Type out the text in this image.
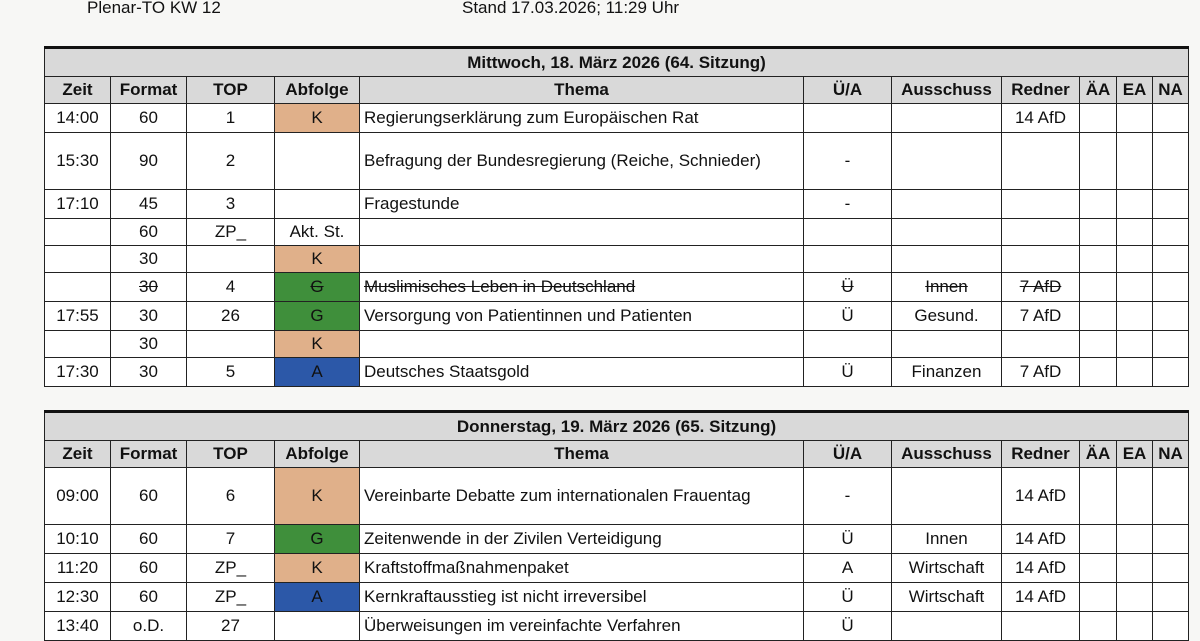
Plenar-TO KW 12	Stand 17.03.2026; 11:29 Uhr
Mittwoch, 18. März 2026 (64. Sitzung)										
Zeit	Format	TOP	Abfolge	Thema	Ü/A	Ausschuss	Redner	ÄA	EA	NA
14:00	60	1	K	Regierungserklärung zum Europäischen Rat			14 AfD			
15:30	90	2		Befragung der Bundesregierung (Reiche, Schnieder)	-					
17:10	45	3		Fragestunde	-					
	60	ZP_	Akt. St.							
	30		K							
	30	4	G	Muslimisches Leben in Deutschland	Ü	Innen	7 AfD			
17:55	30	26	G	Versorgung von Patientinnen und Patienten	Ü	Gesund.	7 AfD			
	30		K							
17:30	30	5	A	Deutsches Staatsgold	Ü	Finanzen	7 AfD			
Donnerstag, 19. März 2026 (65. Sitzung)										
Zeit	Format	TOP	Abfolge	Thema	Ü/A	Ausschuss	Redner	ÄA	EA	NA
09:00	60	6	K	Vereinbarte Debatte zum internationalen Frauentag	-		14 AfD			
10:10	60	7	G	Zeitenwende in der Zivilen Verteidigung	Ü	Innen	14 AfD			
11:20	60	ZP_	K	Kraftstoffmaßnahmenpaket	A	Wirtschaft	14 AfD			
12:30	60	ZP_	A	Kernkraftausstieg ist nicht irreversibel	Ü	Wirtschaft	14 AfD			
13:40	o.D.	27		Überweisungen im vereinfachte Verfahren	Ü					
